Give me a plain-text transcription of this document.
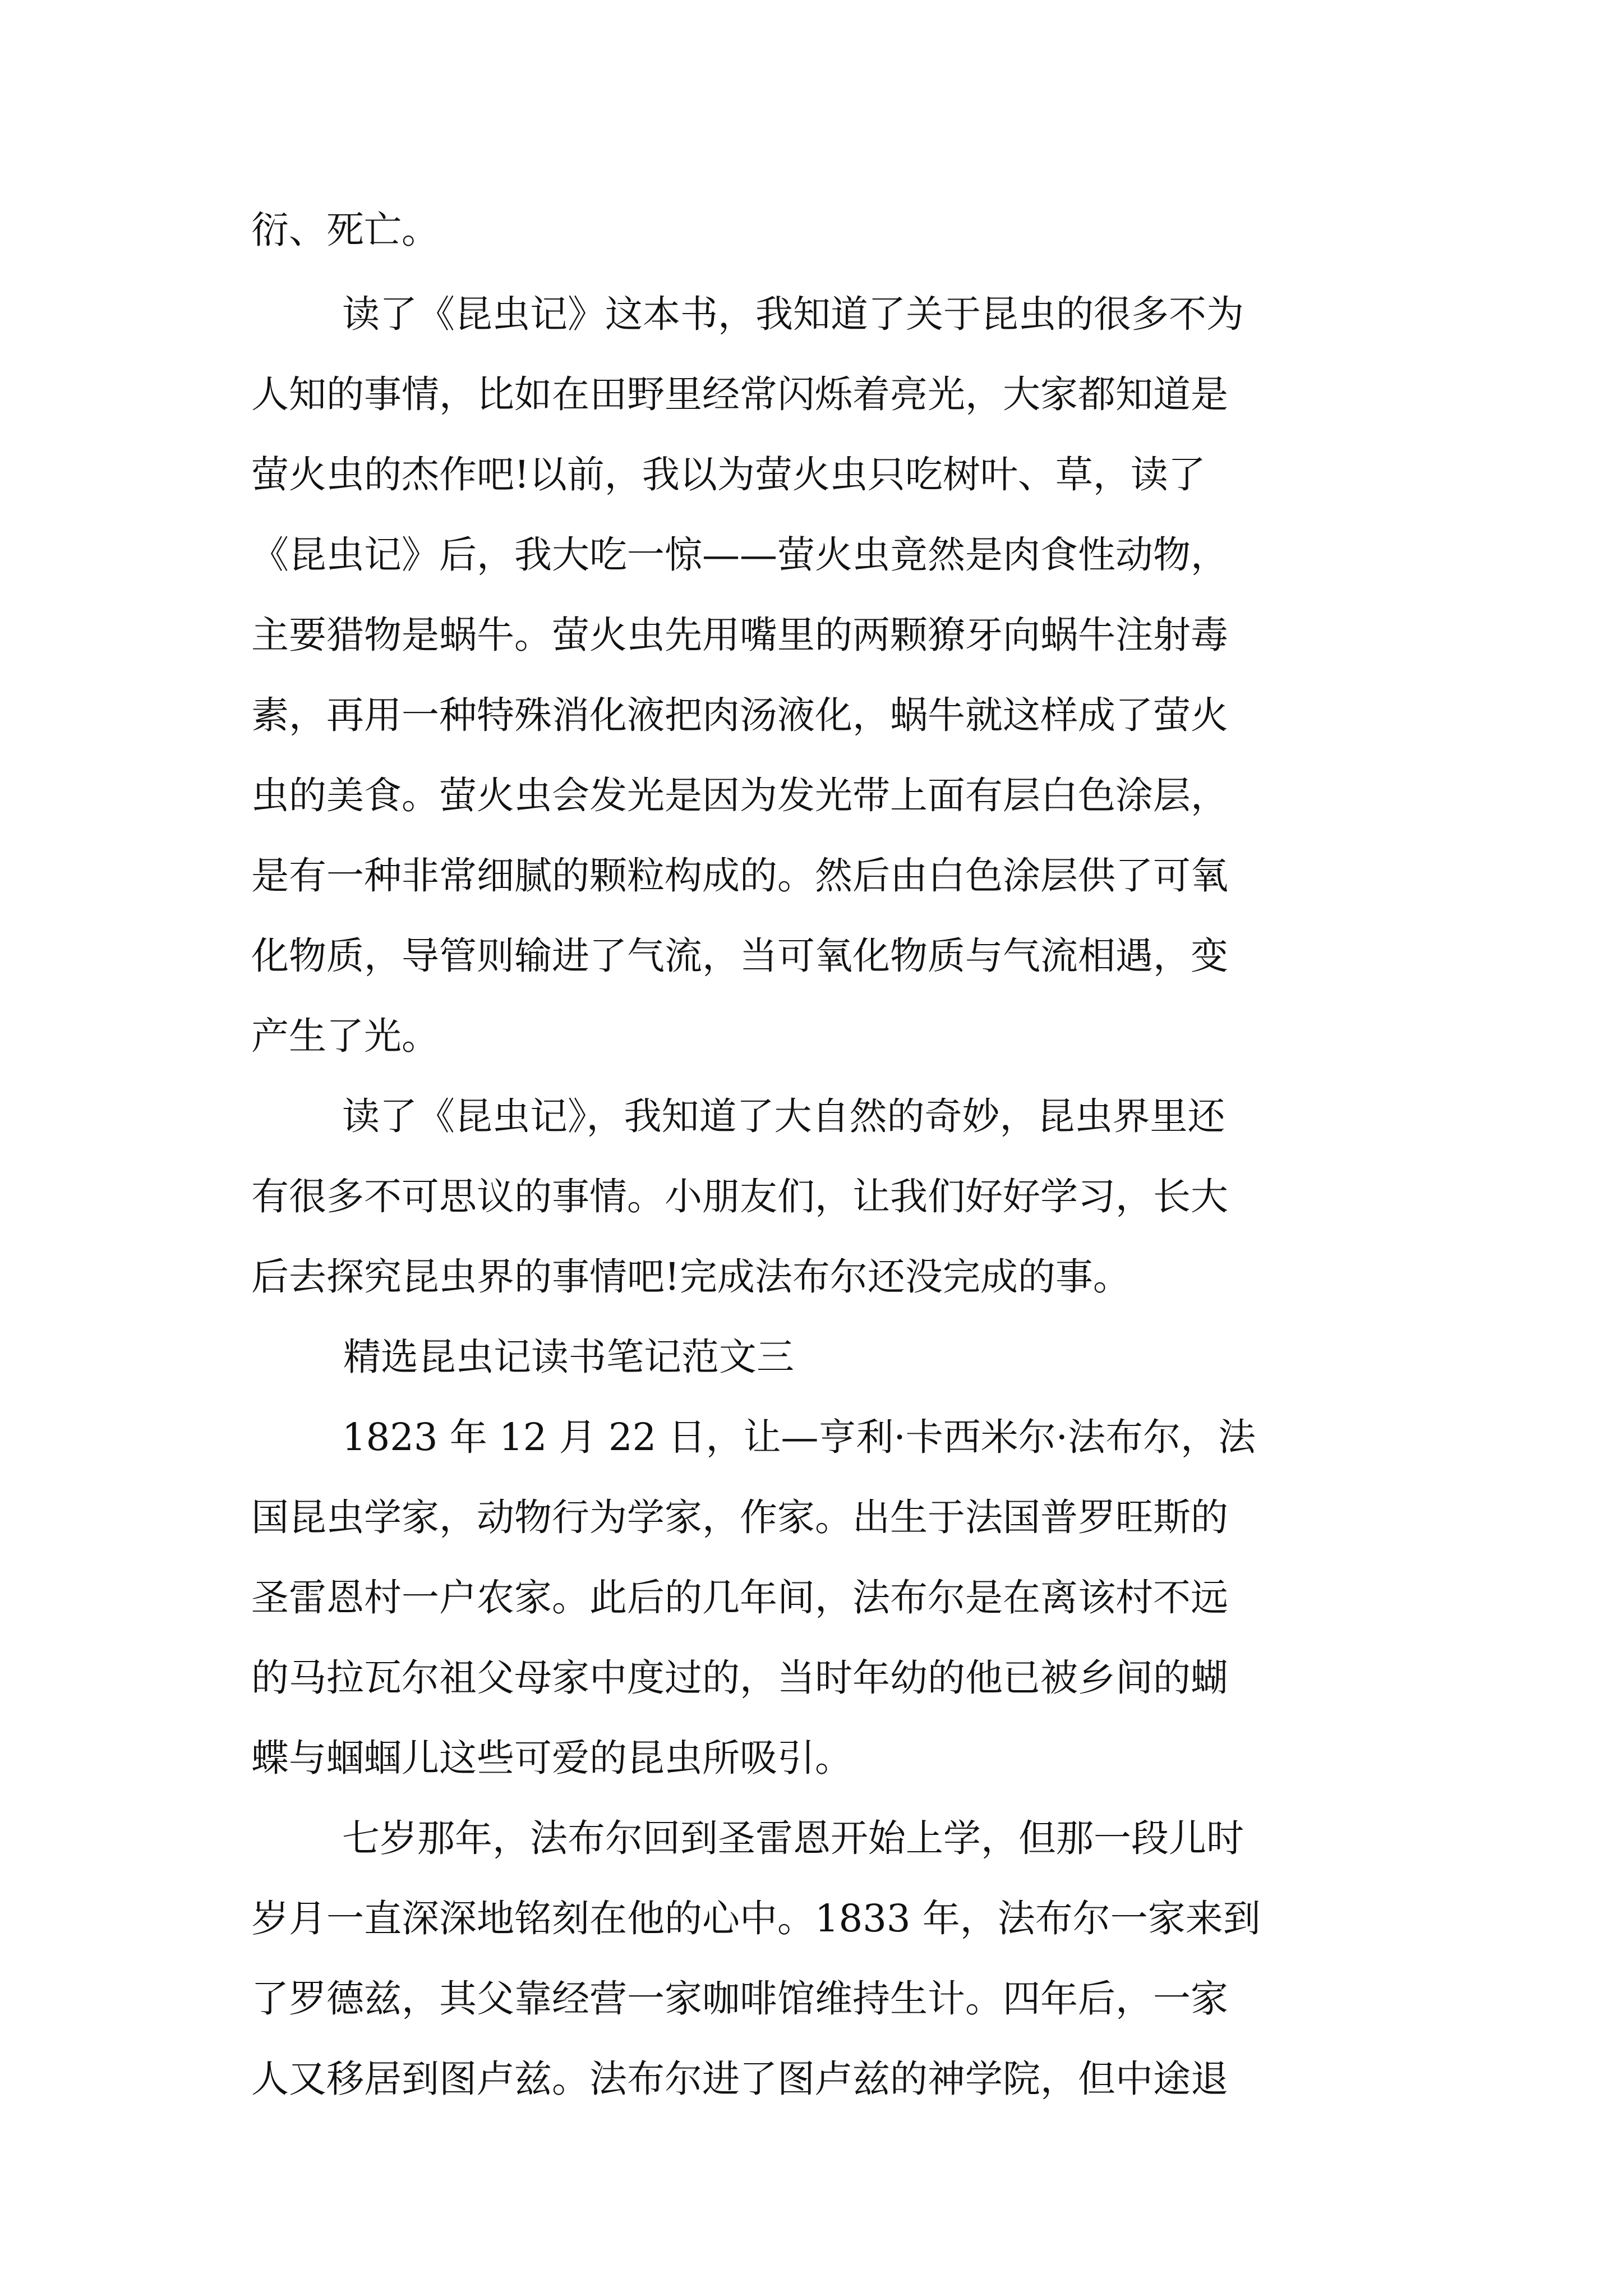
衍、死亡。

读了《昆虫记》这本书，我知道了关于昆虫的很多不为

人知的事情，比如在田野里经常闪烁着亮光，大家都知道是

萤火虫的杰作吧!以前，我以为萤火虫只吃树叶、草，读了

《昆虫记》后，我大吃一惊——萤火虫竟然是肉食性动物，

主要猎物是蜗牛。萤火虫先用嘴里的两颗獠牙向蜗牛注射毒

素，再用一种特殊消化液把肉汤液化，蜗牛就这样成了萤火

虫的美食。萤火虫会发光是因为发光带上面有层白色涂层，

是有一种非常细腻的颗粒构成的。然后由白色涂层供了可氧

化物质，导管则输进了气流，当可氧化物质与气流相遇，变

产生了光。

读了《昆虫记》，我知道了大自然的奇妙，昆虫界里还

有很多不可思议的事情。小朋友们，让我们好好学习，长大

后去探究昆虫界的事情吧!完成法布尔还没完成的事。

精选昆虫记读书笔记范文三

1823 年 12 月 22 日，让—亨利·卡西米尔·法布尔，法

国昆虫学家，动物行为学家，作家。出生于法国普罗旺斯的

圣雷恩村一户农家。此后的几年间，法布尔是在离该村不远

的马拉瓦尔祖父母家中度过的，当时年幼的他已被乡间的蝴

蝶与蝈蝈儿这些可爱的昆虫所吸引。

七岁那年，法布尔回到圣雷恩开始上学，但那一段儿时

岁月一直深深地铭刻在他的心中。1833 年，法布尔一家来到

了罗德兹，其父靠经营一家咖啡馆维持生计。四年后，一家

人又移居到图卢兹。法布尔进了图卢兹的神学院，但中途退
